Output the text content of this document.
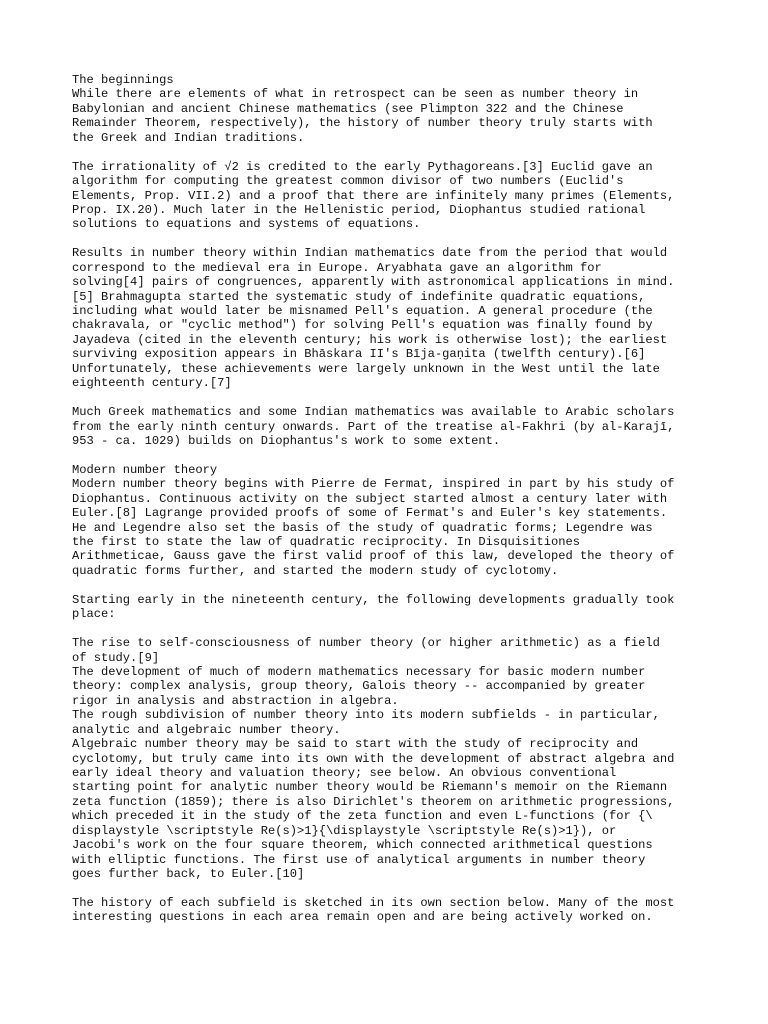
The beginnings
While there are elements of what in retrospect can be seen as number theory in
Babylonian and ancient Chinese mathematics (see Plimpton 322 and the Chinese
Remainder Theorem, respectively), the history of number theory truly starts with
the Greek and Indian traditions.
The irrationality of √2 is credited to the early Pythagoreans.[3] Euclid gave an
algorithm for computing the greatest common divisor of two numbers (Euclid's
Elements, Prop. VII.2) and a proof that there are infinitely many primes (Elements,
Prop. IX.20). Much later in the Hellenistic period, Diophantus studied rational
solutions to equations and systems of equations.
Results in number theory within Indian mathematics date from the period that would
correspond to the medieval era in Europe. Aryabhata gave an algorithm for
solving[4] pairs of congruences, apparently with astronomical applications in mind.
[5] Brahmagupta started the systematic study of indefinite quadratic equations,
including what would later be misnamed Pell's equation. A general procedure (the
chakravala, or "cyclic method") for solving Pell's equation was finally found by
Jayadeva (cited in the eleventh century; his work is otherwise lost); the earliest
surviving exposition appears in Bhāskara II's Bīja-gaṇita (twelfth century).[6]
Unfortunately, these achievements were largely unknown in the West until the late
eighteenth century.[7]
Much Greek mathematics and some Indian mathematics was available to Arabic scholars
from the early ninth century onwards. Part of the treatise al-Fakhri (by al-Karajī,
953 - ca. 1029) builds on Diophantus's work to some extent.
Modern number theory
Modern number theory begins with Pierre de Fermat, inspired in part by his study of
Diophantus. Continuous activity on the subject started almost a century later with
Euler.[8] Lagrange provided proofs of some of Fermat's and Euler's key statements.
He and Legendre also set the basis of the study of quadratic forms; Legendre was
the first to state the law of quadratic reciprocity. In Disquisitiones
Arithmeticae, Gauss gave the first valid proof of this law, developed the theory of
quadratic forms further, and started the modern study of cyclotomy.
Starting early in the nineteenth century, the following developments gradually took
place:
The rise to self-consciousness of number theory (or higher arithmetic) as a field
of study.[9]
The development of much of modern mathematics necessary for basic modern number
theory: complex analysis, group theory, Galois theory -- accompanied by greater
rigor in analysis and abstraction in algebra.
The rough subdivision of number theory into its modern subfields - in particular,
analytic and algebraic number theory.
Algebraic number theory may be said to start with the study of reciprocity and
cyclotomy, but truly came into its own with the development of abstract algebra and
early ideal theory and valuation theory; see below. An obvious conventional
starting point for analytic number theory would be Riemann's memoir on the Riemann
zeta function (1859); there is also Dirichlet's theorem on arithmetic progressions,
which preceded it in the study of the zeta function and even L-functions (for {\
displaystyle \scriptstyle Re(s)>1}{\displaystyle \scriptstyle Re(s)>1}), or
Jacobi's work on the four square theorem, which connected arithmetical questions
with elliptic functions. The first use of analytical arguments in number theory
goes further back, to Euler.[10]
The history of each subfield is sketched in its own section below. Many of the most
interesting questions in each area remain open and are being actively worked on.
